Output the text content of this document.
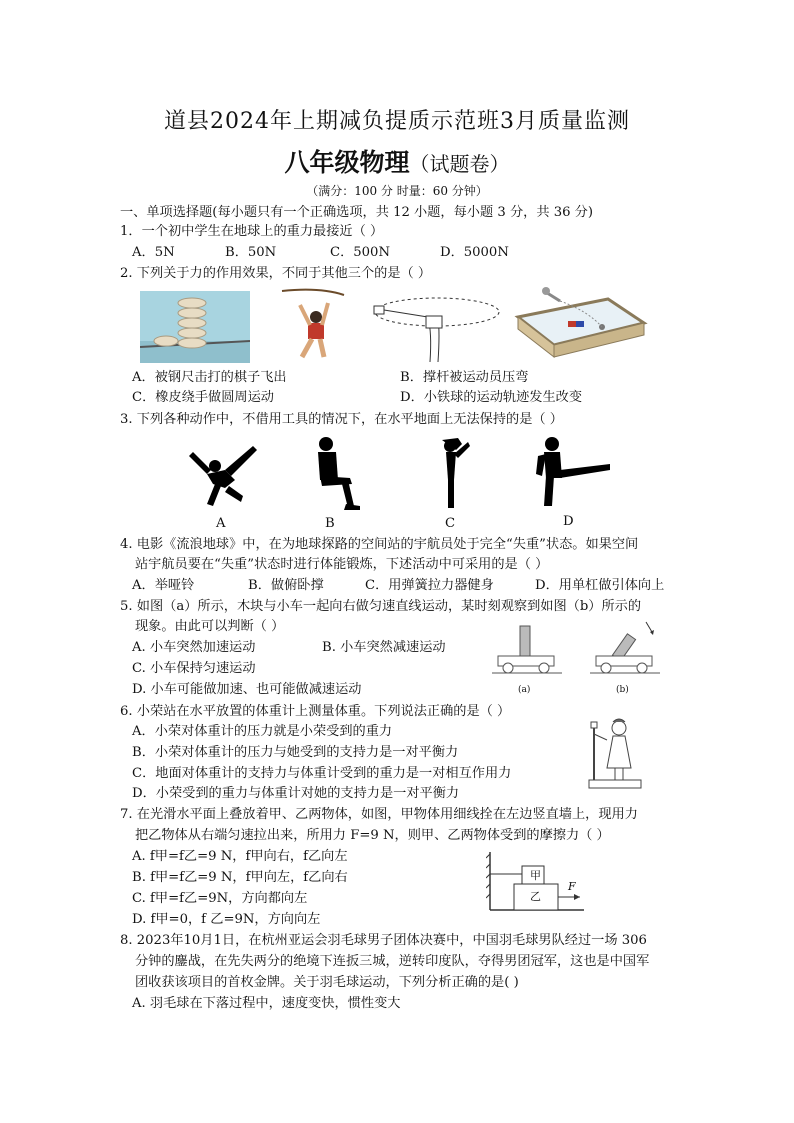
道县2024年上期减负提质示范班3月质量监测
八年级物理（试题卷）
（满分：100 分 时量：60 分钟）
一、单项选择题(每小题只有一个正确选项，共 12 小题，每小题 3 分，共 36 分)
1．一个初中学生在地球上的重力最接近（ ）
A．5N	B．50N	C．500N	D．5000N
2. 下列关于力的作用效果，不同于其他三个的是（ ）
A．被钢尺击打的棋子飞出	B．撑杆被运动员压弯
C．橡皮绕手做圆周运动	D．小铁球的运动轨迹发生改变
3. 下列各种动作中，不借用工具的情况下，在水平地面上无法保持的是（ ）
A	B	C	D
4. 电影《流浪地球》中，在为地球探路的空间站的宇航员处于完全“失重”状态。如果空间
站宇航员要在“失重”状态时进行体能锻炼，下述活动中可采用的是（ ）
A．举哑铃	B．做俯卧撑	C．用弹簧拉力器健身	D．用单杠做引体向上
5. 如图（a）所示，木块与小车一起向右做匀速直线运动，某时刻观察到如图（b）所示的
现象。由此可以判断（ ）
A. 小车突然加速运动	B. 小车突然减速运动
C. 小车保持匀速运动
D. 小车可能做加速、也可能做减速运动	(a)	(b)
6. 小荣站在水平放置的体重计上测量体重。下列说法正确的是（ ）
A．小荣对体重计的压力就是小荣受到的重力
B．小荣对体重计的压力与她受到的支持力是一对平衡力
C．地面对体重计的支持力与体重计受到的重力是一对相互作用力
D．小荣受到的重力与体重计对她的支持力是一对平衡力
7. 在光滑水平面上叠放着甲、乙两物体，如图，甲物体用细线拴在左边竖直墙上，现用力
把乙物体从右端匀速拉出来，所用力 F=9 N，则甲、乙两物体受到的摩擦力（ ）
A. f甲=f乙=9 N，f甲向右，f乙向左
B. f甲=f乙=9 N，f甲向左，f乙向右
C. f甲=f乙=9N，方向都向左
D. f甲=0，f 乙=9N，方向向左
甲
乙
F
8. 2023年10月1日，在杭州亚运会羽毛球男子团体决赛中，中国羽毛球男队经过一场 306
分钟的鏖战，在先失两分的绝境下连扳三城，逆转印度队，夺得男团冠军，这也是中国军
团收获该项目的首枚金牌。关于羽毛球运动，下列分析正确的是( )
A. 羽毛球在下落过程中，速度变快，惯性变大
